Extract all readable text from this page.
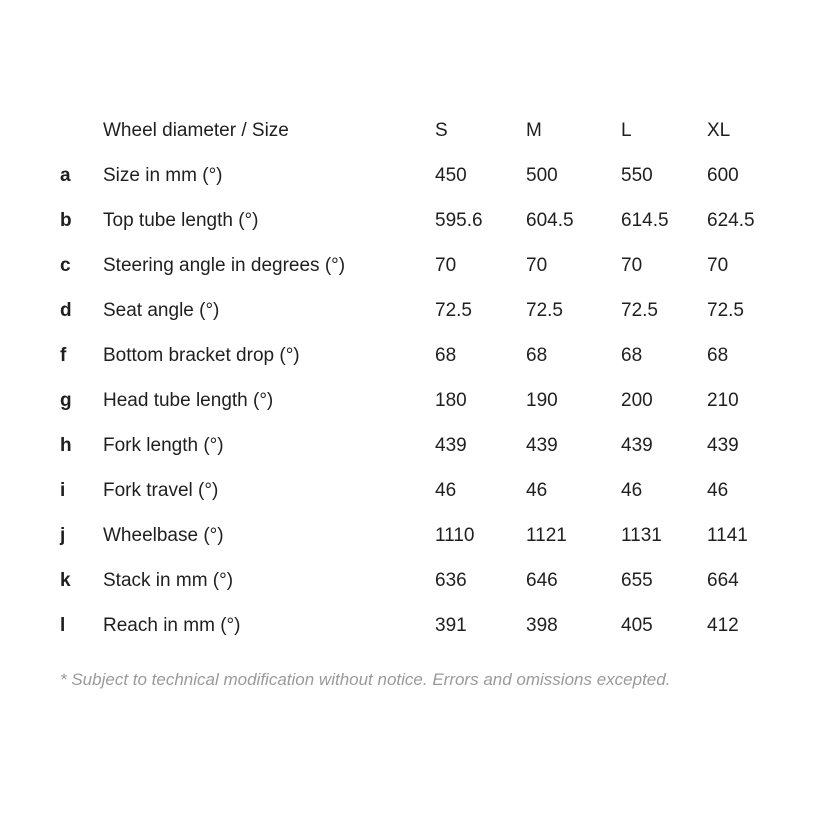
Wheel diameter / Size	S	M	L	XL
a Size in mm (°)	450	500	550	600
b Top tube length (°)	595.6 604.5 614.5 624.5
c Steering angle in degrees (°)	70	70	70	70
d Seat angle (°)	72.5	72.5	72.5	72.5
f Bottom bracket drop (°)	68	68	68	68
g Head tube length (°)	180	190	200	210
h Fork length (°)	439	439	439	439
i Fork travel (°)	46	46	46	46
j Wheelbase (°)	1110	1121	1131 1141
k Stack in mm (°)	636	646	655	664
l Reach in mm (°)	391	398	405	412
* Subject to technical modification without notice. Errors and omissions excepted.
